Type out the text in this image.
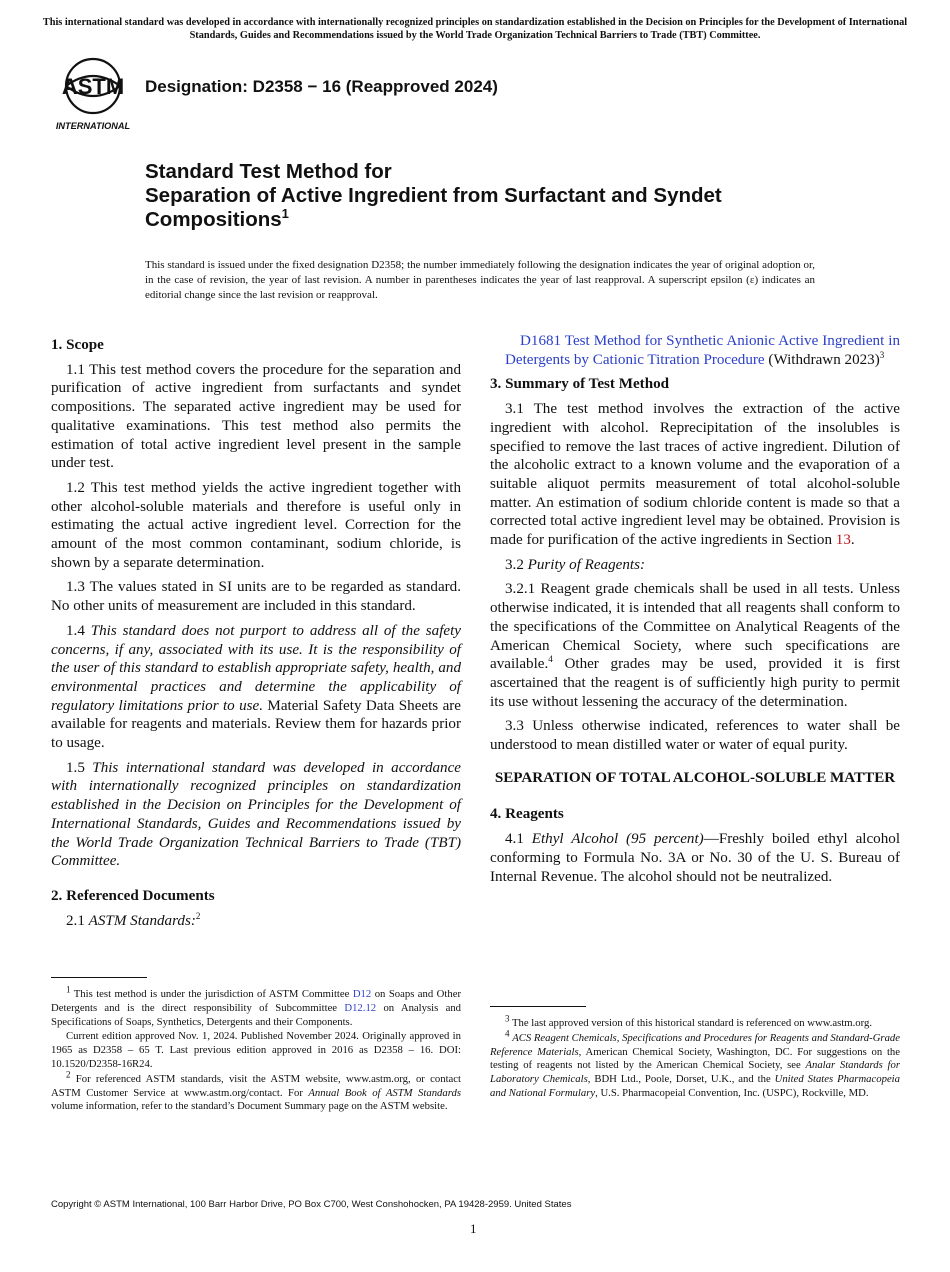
This international standard was developed in accordance with internationally recognized principles on standardization established in the Decision on Principles for the Development of International Standards, Guides and Recommendations issued by the World Trade Organization Technical Barriers to Trade (TBT) Committee.
ASTM
INTERNATIONAL
Designation: D2358 − 16 (Reapproved 2024)
Standard Test Method for
Separation of Active Ingredient from Surfactant and Syndet Compositions$^1$
This standard is issued under the fixed designation D2358; the number immediately following the designation indicates the year of original adoption or, in the case of revision, the year of last revision. A number in parentheses indicates the year of last reapproval. A superscript epsilon (ε) indicates an editorial change since the last revision or reapproval.
1. Scope

1.1 This test method covers the procedure for the separation and purification of active ingredient from surfactants and syndet compositions. The separated active ingredient may be used for qualitative examinations. This test method also permits the estimation of total active ingredient level present in the sample under test.

1.2 This test method yields the active ingredient together with other alcohol-soluble materials and therefore is useful only in estimating the actual active ingredient level. Correction for the amount of the most common contaminant, sodium chloride, is shown by a separate determination.

1.3 The values stated in SI units are to be regarded as standard. No other units of measurement are included in this standard.

1.4 This standard does not purport to address all of the safety concerns, if any, associated with its use. It is the responsibility of the user of this standard to establish appropriate safety, health, and environmental practices and determine the applicability of regulatory limitations prior to use. Material Safety Data Sheets are available for reagents and materials. Review them for hazards prior to usage.

1.5 This international standard was developed in accordance with internationally recognized principles on standardization established in the Decision on Principles for the Development of International Standards, Guides and Recommendations issued by the World Trade Organization Technical Barriers to Trade (TBT) Committee.

2. Referenced Documents

2.1 ASTM Standards:$^2$

D1681 Test Method for Synthetic Anionic Active Ingredient in Detergents by Cationic Titration Procedure (Withdrawn 2023)$^3$

3. Summary of Test Method

3.1 The test method involves the extraction of the active ingredient with alcohol. Reprecipitation of the insolubles is specified to remove the last traces of active ingredient. Dilution of the alcoholic extract to a known volume and the evaporation of a suitable aliquot permits measurement of total alcohol-soluble matter. An estimation of sodium chloride content is made so that a corrected total active ingredient level may be obtained. Provision is made for purification of the active ingredients in Section 13.

3.2 Purity of Reagents:

3.2.1 Reagent grade chemicals shall be used in all tests. Unless otherwise indicated, it is intended that all reagents shall conform to the specifications of the Committee on Analytical Reagents of the American Chemical Society, where such specifications are available.$^4$ Other grades may be used, provided it is first ascertained that the reagent is of sufficiently high purity to permit its use without lessening the accuracy of the determination.

3.3 Unless otherwise indicated, references to water shall be understood to mean distilled water or water of equal purity.

SEPARATION OF TOTAL ALCOHOL-SOLUBLE MATTER
4. Reagents

4.1 Ethyl Alcohol (95 percent)—Freshly boiled ethyl alcohol conforming to Formula No. 3A or No. 30 of the U. S. Bureau of Internal Revenue. The alcohol should not be neutralized.

$^1$ This test method is under the jurisdiction of ASTM Committee D12 on Soaps and Other Detergents and is the direct responsibility of Subcommittee D12.12 on Analysis and Specifications of Soaps, Synthetics, Detergents and their Components.

Current edition approved Nov. 1, 2024. Published November 2024. Originally approved in 1965 as D2358 – 65 T. Last previous edition approved in 2016 as D2358 – 16. DOI: 10.1520/D2358-16R24.

$^2$ For referenced ASTM standards, visit the ASTM website, www.astm.org, or contact ASTM Customer Service at www.astm.org/contact. For Annual Book of ASTM Standards volume information, refer to the standard’s Document Summary page on the ASTM website.

$^3$ The last approved version of this historical standard is referenced on www.astm.org.

$^4$ ACS Reagent Chemicals, Specifications and Procedures for Reagents and Standard-Grade Reference Materials, American Chemical Society, Washington, DC. For suggestions on the testing of reagents not listed by the American Chemical Society, see Analar Standards for Laboratory Chemicals, BDH Ltd., Poole, Dorset, U.K., and the United States Pharmacopeia and National Formulary, U.S. Pharmacopeial Convention, Inc. (USPC), Rockville, MD.

Copyright © ASTM International, 100 Barr Harbor Drive, PO Box C700, West Conshohocken, PA 19428-2959. United States
1
